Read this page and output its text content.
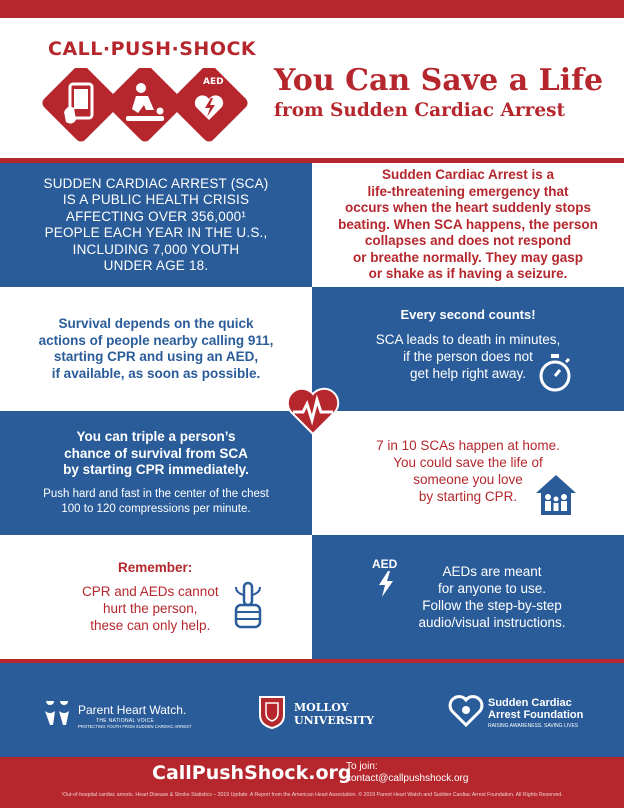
CALL·PUSH·SHOCK
AED You Can Save a Life
from Sudden Cardiac Arrest
SUDDEN CARDIAC ARREST (SCA)
IS A PUBLIC HEALTH CRISIS
AFFECTING OVER 356,000¹
PEOPLE EACH YEAR IN THE U.S.,
INCLUDING 7,000 YOUTH
UNDER AGE 18.
Sudden Cardiac Arrest is a
life-threatening emergency that
occurs when the heart suddenly stops
beating. When SCA happens, the person
collapses and does not respond
or breathe normally. They may gasp
or shake as if having a seizure.
Survival depends on the quick
actions of people nearby calling 911,
starting CPR and using an AED,
if available, as soon as possible.
Every second counts!
SCA leads to death in minutes,
if the person does not
get help right away.
You can triple a person’s
chance of survival from SCA
by starting CPR immediately.
Push hard and fast in the center of the chest
100 to 120 compressions per minute.
7 in 10 SCAs happen at home.
You could save the life of
someone you love
by starting CPR.
Remember:
CPR and AEDs cannot
hurt the person,
these can only help.
AED	AEDs are meant
for anyone to use.
Follow the step-by-step
audio/visual instructions.
Parent Heart Watch.
THE NATIONAL VOICE
PROTECTING YOUTH FROM SUDDEN CARDIAC ARREST
MOLLOY
UNIVERSITY
Sudden Cardiac
Arrest Foundation
RAISING AWARENESS. SAVING LIVES
CallPushShock.org
To join:
contact@callpushshock.org
¹Out-of-hospital cardiac arrests. Heart Disease & Stroke Statistics – 2019 Update: A Report from the American Heart Association. © 2019 Parent Heart Watch and Sudden Cardiac Arrest Foundation. All Rights Reserved.
